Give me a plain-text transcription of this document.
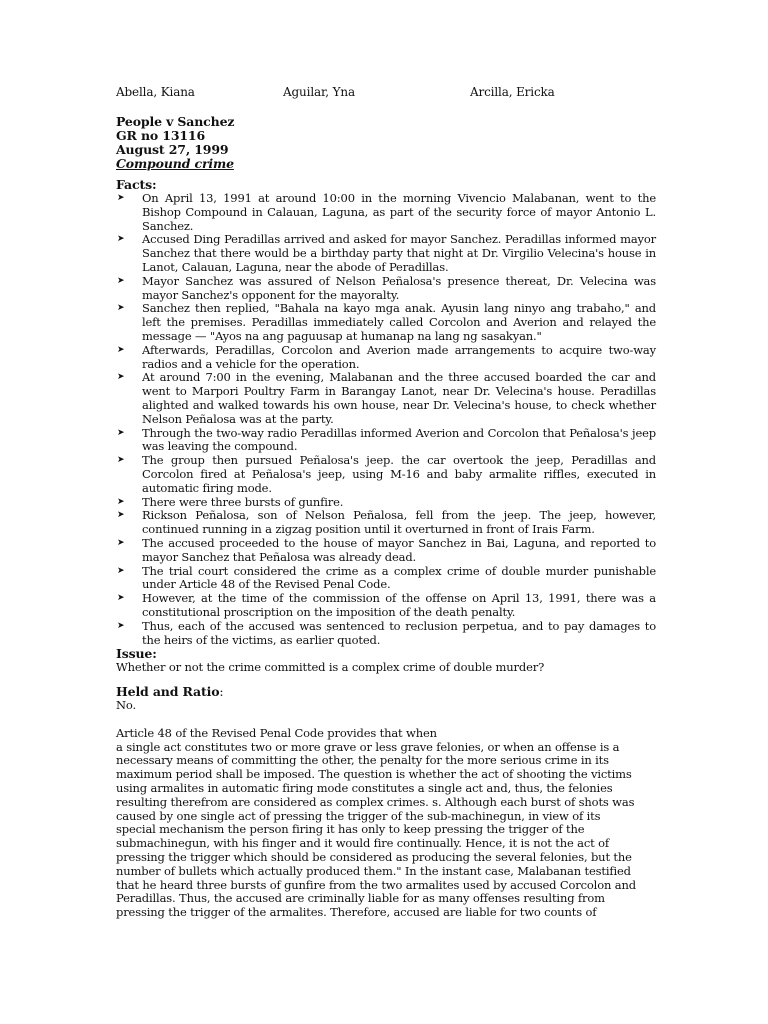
Abella, Kiana	Aguilar, Yna	Arcilla, Ericka
People v Sanchez
GR no 13116
August 27, 1999
Compound crime
Facts:
➤ On April 13, 1991 at around 10:00 in the morning Vivencio Malabanan, went to the Bishop Compound in Calauan, Laguna, as part of the security force of mayor Antonio L. Sanchez.
➤ Accused Ding Peradillas arrived and asked for mayor Sanchez. Peradillas informed mayor Sanchez that there would be a birthday party that night at Dr. Virgilio Velecina's house in Lanot, Calauan, Laguna, near the abode of Peradillas.
➤ Mayor Sanchez was assured of Nelson Peñalosa's presence thereat, Dr. Velecina was mayor Sanchez's opponent for the mayoralty.
➤ Sanchez then replied, "Bahala na kayo mga anak. Ayusin lang ninyo ang trabaho," and left the premises. Peradillas immediately called Corcolon and Averion and relayed the message — "Ayos na ang paguusap at humanap na lang ng sasakyan."
➤ Afterwards, Peradillas, Corcolon and Averion made arrangements to acquire two-way radios and a vehicle for the operation.
➤ At around 7:00 in the evening, Malabanan and the three accused boarded the car and went to Marpori Poultry Farm in Barangay Lanot, near Dr. Velecina's house. Peradillas alighted and walked towards his own house, near Dr. Velecina's house, to check whether Nelson Peñalosa was at the party.
➤ Through the two-way radio Peradillas informed Averion and Corcolon that Peñalosa's jeep was leaving the compound.
➤ The group then pursued Peñalosa's jeep. the car overtook the jeep, Peradillas and Corcolon fired at Peñalosa's jeep, using M-16 and baby armalite riffles, executed in automatic firing mode.
➤ There were three bursts of gunfire.
➤ Rickson Peñalosa, son of Nelson Peñalosa, fell from the jeep. The jeep, however, continued running in a zigzag position until it overturned in front of Irais Farm.
➤ The accused proceeded to the house of mayor Sanchez in Bai, Laguna, and reported to mayor Sanchez that Peñalosa was already dead.
➤ The trial court considered the crime as a complex crime of double murder punishable under Article 48 of the Revised Penal Code.
➤ However, at the time of the commission of the offense on April 13, 1991, there was a constitutional proscription on the imposition of the death penalty.
➤ Thus, each of the accused was sentenced to reclusion perpetua, and to pay damages to the heirs of the victims, as earlier quoted.
Issue:
Whether or not the crime committed is a complex crime of double murder?
Held and Ratio:
No.
Article 48 of the Revised Penal Code provides that when
a single act constitutes two or more grave or less grave felonies, or when an offense is a
necessary means of committing the other, the penalty for the more serious crime in its
maximum period shall be imposed. The question is whether the act of shooting the victims
using armalites in automatic firing mode constitutes a single act and, thus, the felonies
resulting therefrom are considered as complex crimes. s. Although each burst of shots was
caused by one single act of pressing the trigger of the sub-machinegun, in view of its
special mechanism the person firing it has only to keep pressing the trigger of the
submachinegun, with his finger and it would fire continually. Hence, it is not the act of
pressing the trigger which should be considered as producing the several felonies, but the
number of bullets which actually produced them." In the instant case, Malabanan testified
that he heard three bursts of gunfire from the two armalites used by accused Corcolon and
Peradillas. Thus, the accused are criminally liable for as many offenses resulting from
pressing the trigger of the armalites. Therefore, accused are liable for two counts of
